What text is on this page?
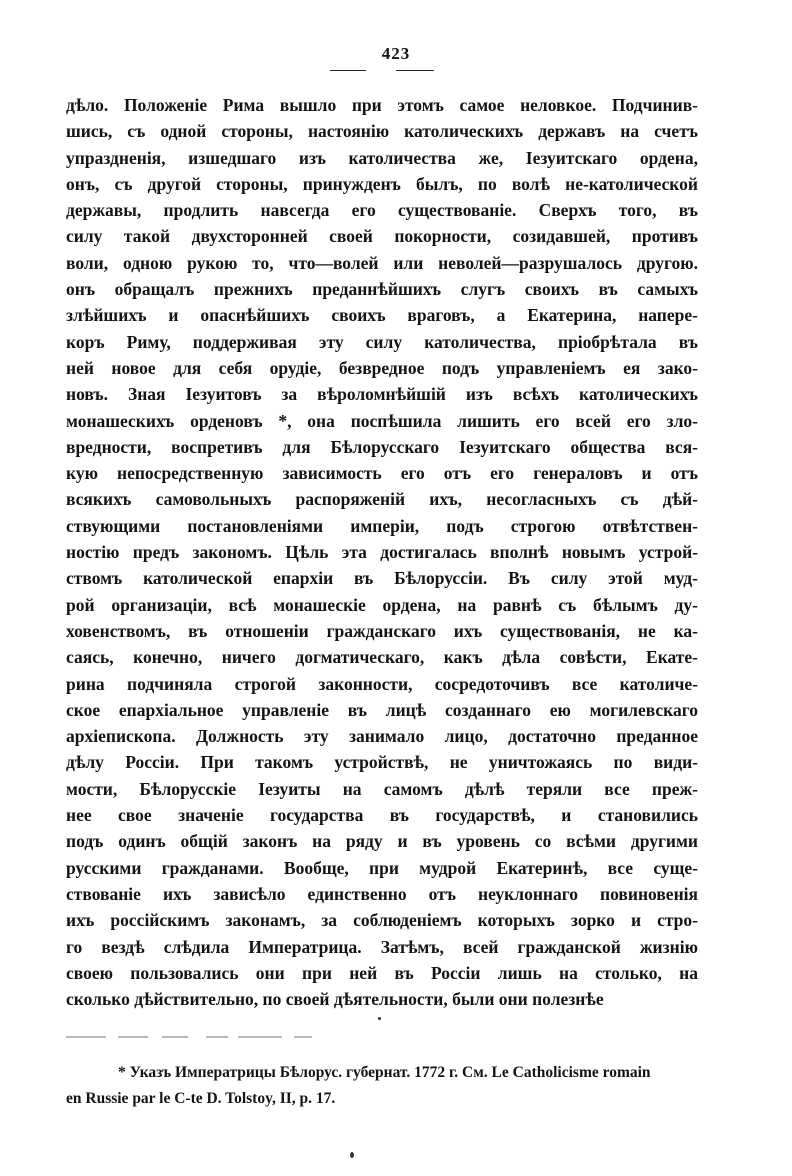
423
дѣло. Положеніе Рима вышло при этомъ самое неловкое. Подчинив-
шись, съ одной стороны, настоянію католическихъ державъ на счетъ
упраздненія, изшедшаго изъ католичества же, Іезуитскаго ордена,
онъ, съ другой стороны, принужденъ былъ, по волѣ не-католической
державы, продлить навсегда его существованіе. Сверхъ того, въ
силу такой двухсторонней своей покорности, созидавшей, противъ
воли, одною рукою то, что—волей или неволей—разрушалось другою.
онъ обращалъ прежнихъ преданнѣйшихъ слугъ своихъ въ самыхъ
злѣйшихъ и опаснѣйшихъ своихъ враговъ, а Екатерина, напере-
коръ Риму, поддерживая эту силу католичества, пріобрѣтала въ
ней новое для себя орудіе, безвредное подъ управленіемъ ея зако-
новъ. Зная Іезуитовъ за вѣроломнѣйшій изъ всѣхъ католическихъ
монашескихъ орденовъ *, она поспѣшила лишить его всей его зло-
вредности, воспретивъ для Бѣлорусскаго Іезуитскаго общества вся-
кую непосредственную зависимость его отъ его генераловъ и отъ
всякихъ самовольныхъ распоряженій ихъ, несогласныхъ съ дѣй-
ствующими постановленіями имперіи, подъ строгою отвѣтствен-
ностію предъ закономъ. Цѣль эта достигалась вполнѣ новымъ устрой-
ствомъ католической епархіи въ Бѣлоруссіи. Въ силу этой муд-
рой организаціи, всѣ монашескіе ордена, на равнѣ съ бѣлымъ ду-
ховенствомъ, въ отношеніи гражданскаго ихъ существованія, не ка-
саясь, конечно, ничего догматическаго, какъ дѣла совѣсти, Екате-
рина подчиняла строгой законности, сосредоточивъ все католиче-
ское епархіальное управленіе въ лицѣ созданнаго ею могилевскаго
архіепископа. Должность эту занимало лицо, достаточно преданное
дѣлу Россіи. При такомъ устройствѣ, не уничтожаясь по види-
мости, Бѣлорусскіе Іезуиты на самомъ дѣлѣ теряли все преж-
нее свое значеніе государства въ государствѣ, и становились
подъ одинъ общій законъ на ряду и въ уровень со всѣми другими
русскими гражданами. Вообще, при мудрой Екатеринѣ, все суще-
ствованіе ихъ зависѣло единственно отъ неуклоннаго повиновенія
ихъ россійскимъ законамъ, за соблюденіемъ которыхъ зорко и стро-
го вездѣ слѣдила Императрица. Затѣмъ, всей гражданской жизнію
своею пользовались они при ней въ Россіи лишь на столько, на
сколько дѣйствительно, по своей дѣятельности, были они полезнѣе
* Указъ Императрицы Бѣлорус. губернат. 1772 г. См. Le Catholicisme romain
en Russie par le C-te D. Tolstoy, II, p. 17.
